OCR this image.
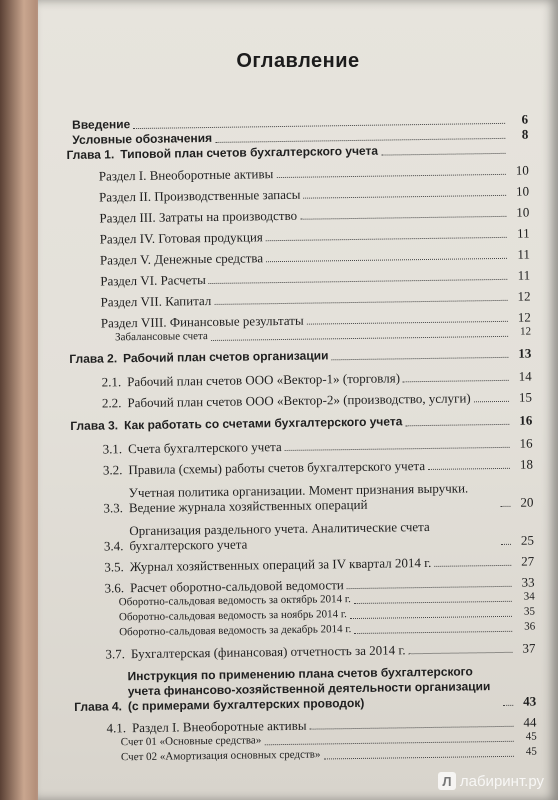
Оглавление
Введение	6
Условные обозначения	8
Глава 1. Типовой план счетов бухгалтерского учета
Раздел I. Внеоборотные активы	10
Раздел II. Производственные запасы	10
Раздел III. Затраты на производство	10
Раздел IV. Готовая продукция	11
Раздел V. Денежные средства	11
Раздел VI. Расчеты	11
Раздел VII. Капитал	12
Раздел VIII. Финансовые результаты	12
Забалансовые счета	12
Глава 2. Рабочий план счетов организации	13
2.1. Рабочий план счетов ООО «Вектор-1» (торговля)	14
2.2. Рабочий план счетов ООО «Вектор-2» (производство, услуги)	15
Глава 3. Как работать со счетами бухгалтерского учета	16
3.1. Счета бухгалтерского учета	16
3.2. Правила (схемы) работы счетов бухгалтерского учета	18
3.3.
Учетная политика организации. Момент признания выручки. Ведение журнала хозяйственных операций	20
3.4.
Организация раздельного учета. Аналитические счета бухгалтерского учета	25
3.5. Журнал хозяйственных операций за IV квартал 2014 г.	27
3.6. Расчет оборотно-сальдовой ведомости	33
Оборотно-сальдовая ведомость за октябрь 2014 г.	34
Оборотно-сальдовая ведомость за ноябрь 2014 г.	35
Оборотно-сальдовая ведомость за декабрь 2014 г.	36
3.7. Бухгалтерская (финансовая) отчетность за 2014 г.	37
Глава 4.
Инструкция по применению плана счетов бухгалтерского учета финансово-хозяйственной деятельности организации (с примерами бухгалтерских проводок)	43
4.1. Раздел I. Внеоборотные активы	44
Счет 01 «Основные средства»	45
Счет 02 «Амортизация основных средств»	45
Л лабиринт.ру
